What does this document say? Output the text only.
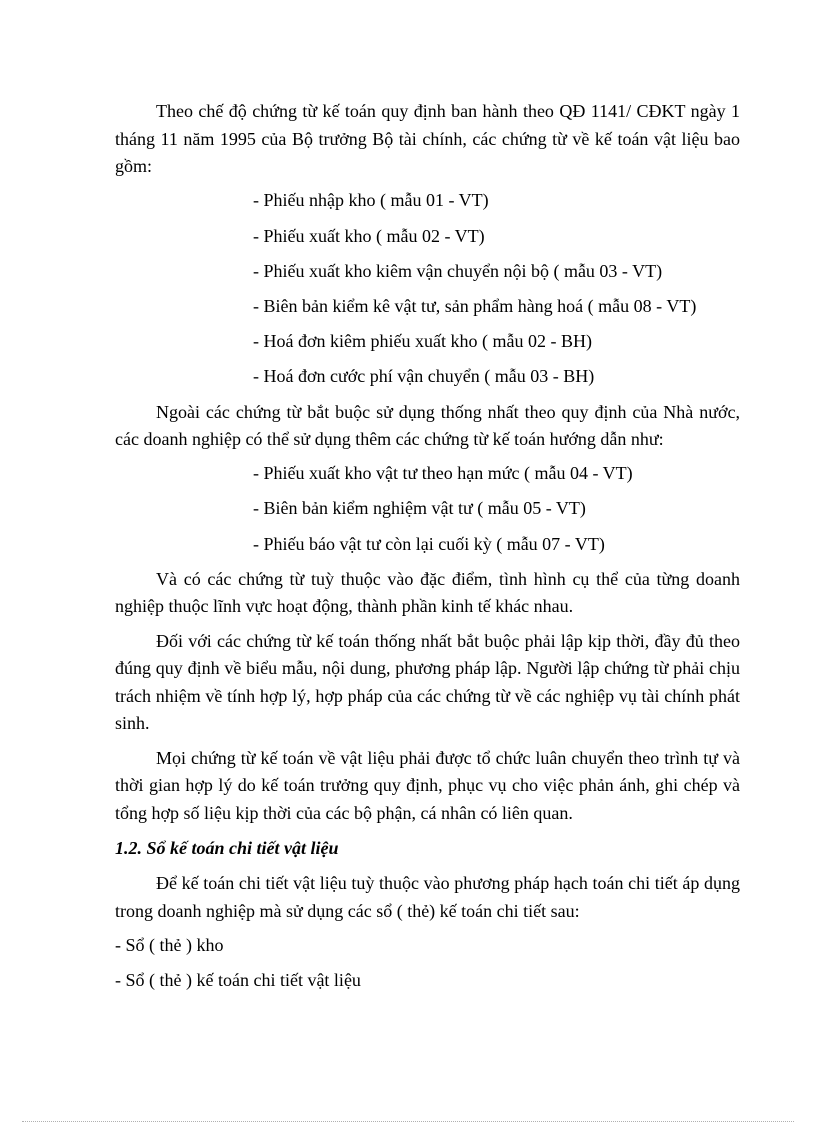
Theo chế độ chứng từ kế toán quy định ban hành theo QĐ 1141/ CĐKT ngày 1 tháng 11 năm 1995 của Bộ trưởng Bộ tài chính, các chứng từ về kế toán vật liệu bao gồm:

- Phiếu nhập kho ( mẫu 01 - VT)

- Phiếu xuất kho ( mẫu 02 - VT)

- Phiếu xuất kho kiêm vận chuyển nội bộ ( mẫu 03 - VT)

- Biên bản kiểm kê vật tư, sản phẩm hàng hoá ( mẫu 08 - VT)

- Hoá đơn kiêm phiếu xuất kho ( mẫu 02 - BH)

- Hoá đơn cước phí vận chuyển ( mẫu 03 - BH)

Ngoài các chứng từ bắt buộc sử dụng thống nhất theo quy định của Nhà nước, các doanh nghiệp có thể sử dụng thêm các chứng từ kế toán hướng dẫn như:

- Phiếu xuất kho vật tư theo hạn mức ( mẫu 04 - VT)

- Biên bản kiểm nghiệm vật tư ( mẫu 05 - VT)

- Phiếu báo vật tư còn lại cuối kỳ ( mẫu 07 - VT)

Và có các chứng từ tuỳ thuộc vào đặc điểm, tình hình cụ thể của từng doanh nghiệp thuộc lĩnh vực hoạt động, thành phần kinh tế khác nhau.

Đối với các chứng từ kế toán thống nhất bắt buộc phải lập kịp thời, đầy đủ theo đúng quy định về biểu mẫu, nội dung, phương pháp lập. Người lập chứng từ phải chịu trách nhiệm về tính hợp lý, hợp pháp của các chứng từ về các nghiệp vụ tài chính phát sinh.

Mọi chứng từ kế toán về vật liệu phải được tổ chức luân chuyển theo trình tự và thời gian hợp lý do kế toán trưởng quy định, phục vụ cho việc phản ánh, ghi chép và tổng hợp số liệu kịp thời của các bộ phận, cá nhân có liên quan.

1.2. Sổ kế toán chi tiết vật liệu

Để kế toán chi tiết vật liệu tuỳ thuộc vào phương pháp hạch toán chi tiết áp dụng trong doanh nghiệp mà sử dụng các sổ ( thẻ) kế toán chi tiết sau:

- Sổ ( thẻ ) kho

- Sổ ( thẻ ) kế toán chi tiết vật liệu
